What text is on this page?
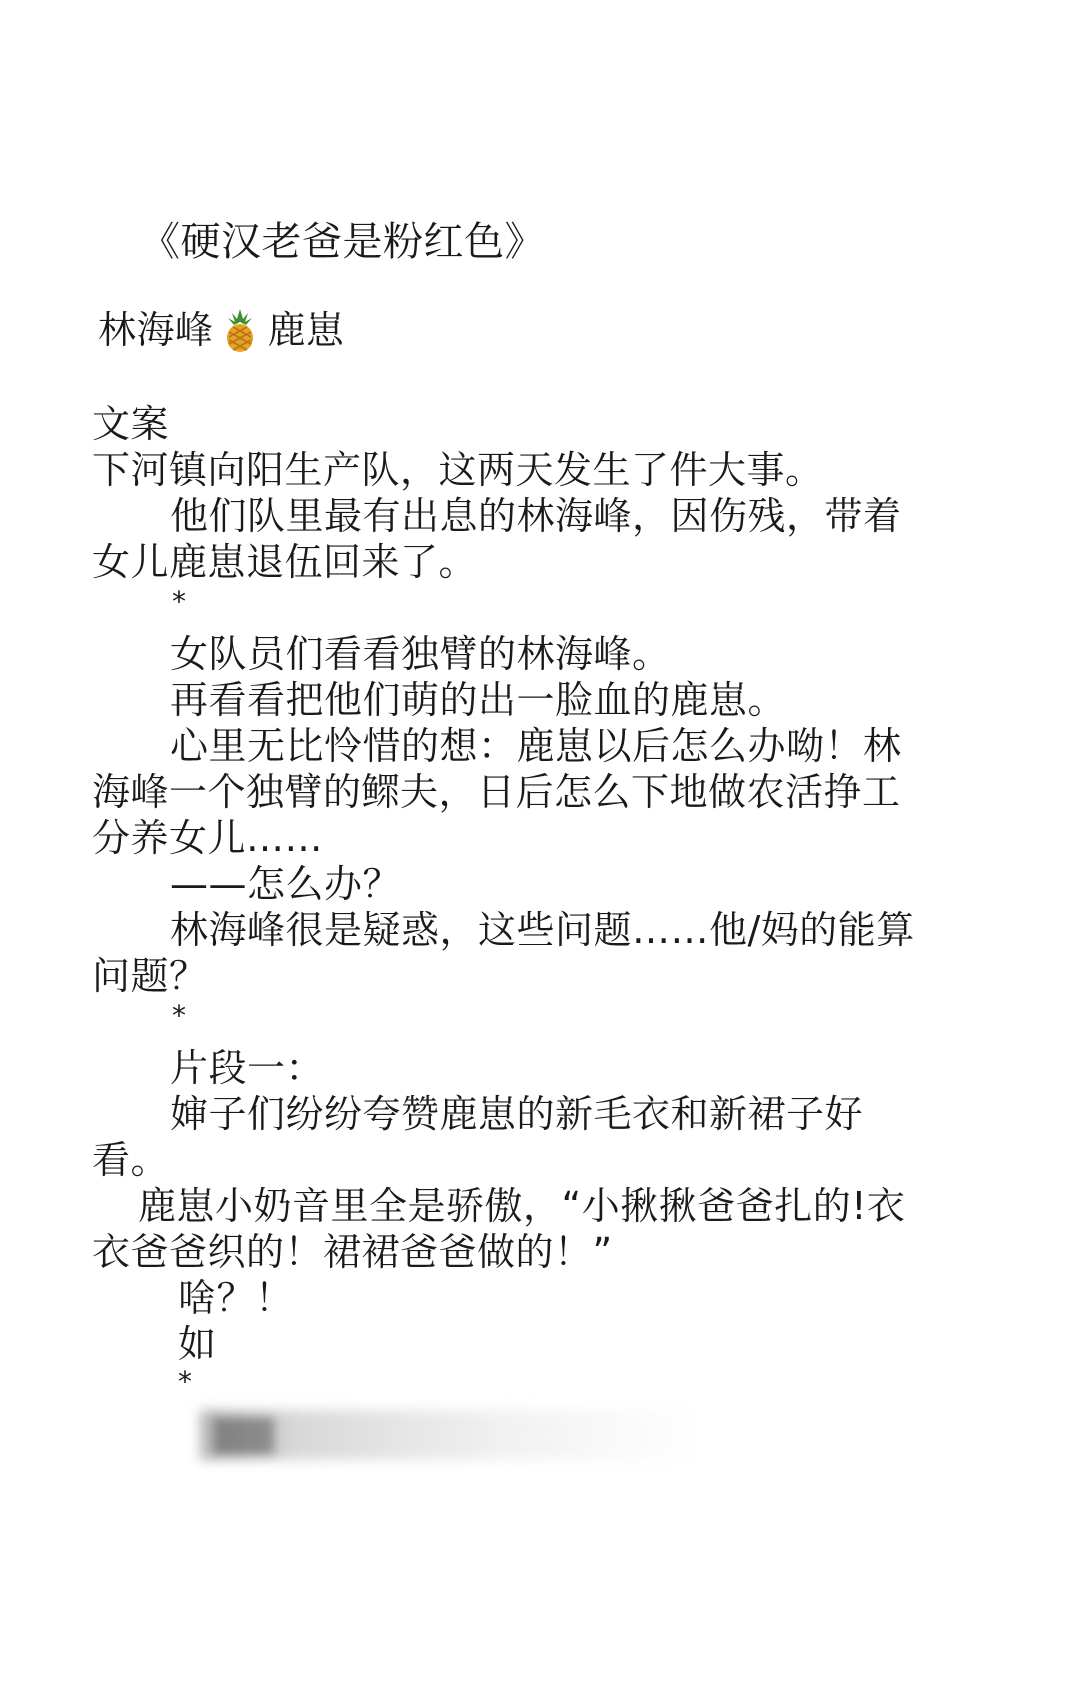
《硬汉老爸是粉红色》
林海峰 鹿崽
文案
下河镇向阳生产队，这两天发生了件大事。
他们队里最有出息的林海峰，因伤残，带着
女儿鹿崽退伍回来了。
*
女队员们看看独臂的林海峰。
再看看把他们萌的出一脸血的鹿崽。
心里无比怜惜的想：鹿崽以后怎么办呦！林
海峰一个独臂的鳏夫，日后怎么下地做农活挣工
分养女儿……
——怎么办？
林海峰很是疑惑，这些问题……他/妈的能算
问题？
*
片段一：
婶子们纷纷夸赞鹿崽的新毛衣和新裙子好
看。
鹿崽小奶音里全是骄傲，“小揪揪爸爸扎的!衣
衣爸爸织的！裙裙爸爸做的！”
啥？！
如
*
